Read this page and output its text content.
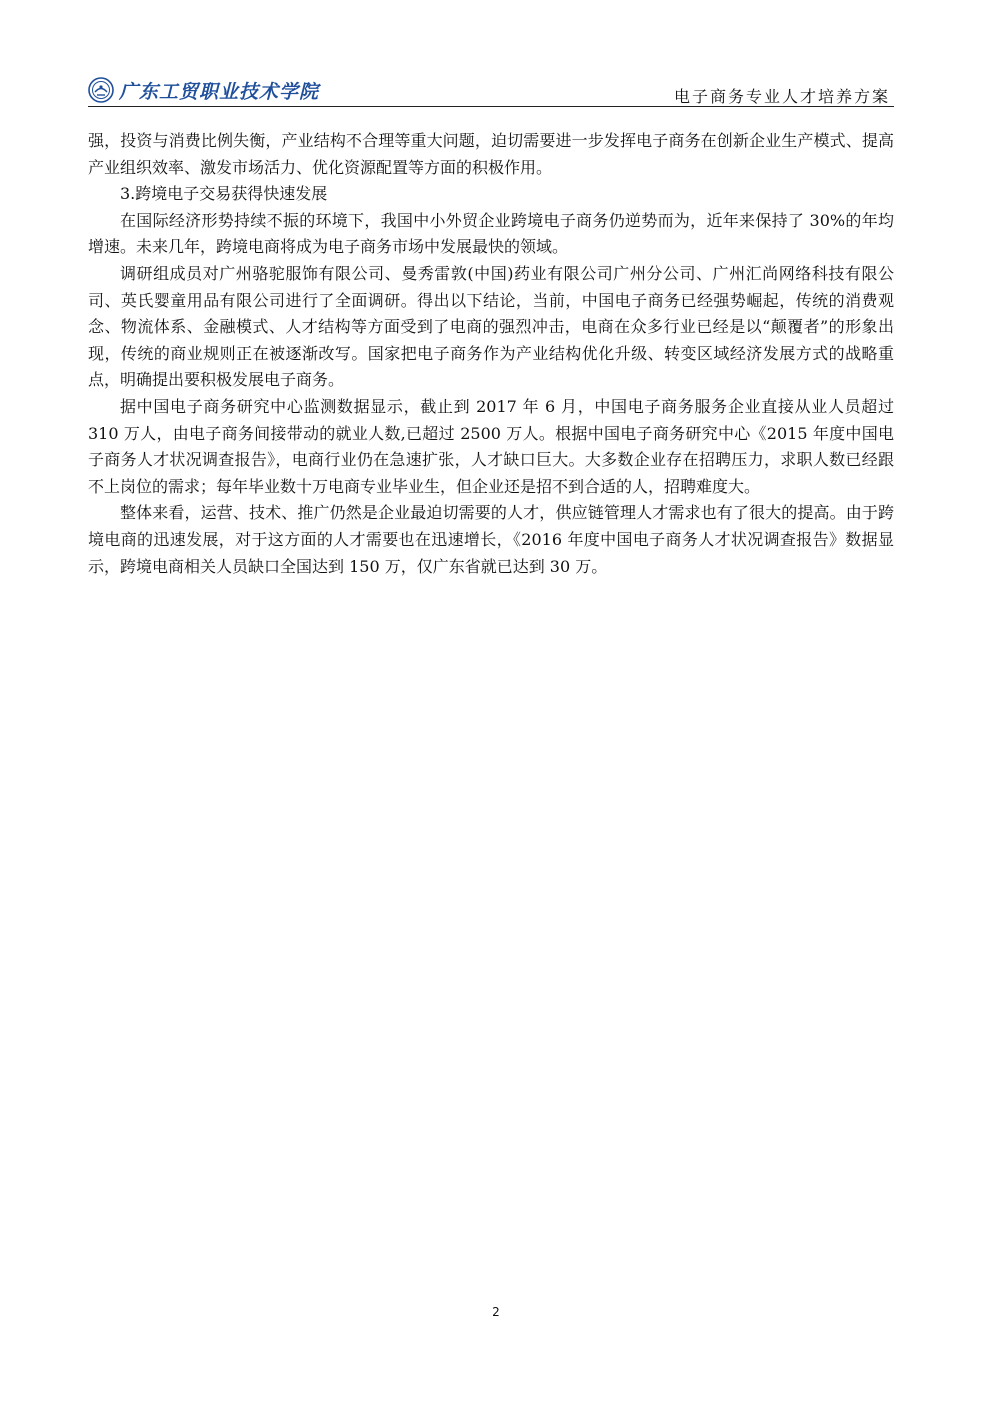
广东工贸职业技术学院	电子商务专业人才培养方案

强，投资与消费比例失衡，产业结构不合理等重大问题，迫切需要进一步发挥电子商务在创新企业生产模式、提高产业组织效率、激发市场活力、优化资源配置等方面的积极作用。

3.跨境电子交易获得快速发展

在国际经济形势持续不振的环境下，我国中小外贸企业跨境电子商务仍逆势而为，近年来保持了 30%的年均增速。未来几年，跨境电商将成为电子商务市场中发展最快的领域。

调研组成员对广州骆驼服饰有限公司、曼秀雷敦(中国)药业有限公司广州分公司、广州汇尚网络科技有限公司、英氏婴童用品有限公司进行了全面调研。得出以下结论，当前，中国电子商务已经强势崛起，传统的消费观念、物流体系、金融模式、人才结构等方面受到了电商的强烈冲击，电商在众多行业已经是以“颠覆者”的形象出现，传统的商业规则正在被逐渐改写。国家把电子商务作为产业结构优化升级、转变区域经济发展方式的战略重点，明确提出要积极发展电子商务。

据中国电子商务研究中心监测数据显示，截止到 2017 年 6 月，中国电子商务服务企业直接从业人员超过 310 万人，由电子商务间接带动的就业人数,已超过 2500 万人。根据中国电子商务研究中心《2015 年度中国电子商务人才状况调查报告》，电商行业仍在急速扩张，人才缺口巨大。大多数企业存在招聘压力，求职人数已经跟不上岗位的需求；每年毕业数十万电商专业毕业生，但企业还是招不到合适的人，招聘难度大。

整体来看，运营、技术、推广仍然是企业最迫切需要的人才，供应链管理人才需求也有了很大的提高。由于跨境电商的迅速发展，对于这方面的人才需要也在迅速增长，《2016 年度中国电子商务人才状况调查报告》数据显示，跨境电商相关人员缺口全国达到 150 万，仅广东省就已达到 30 万。

2
